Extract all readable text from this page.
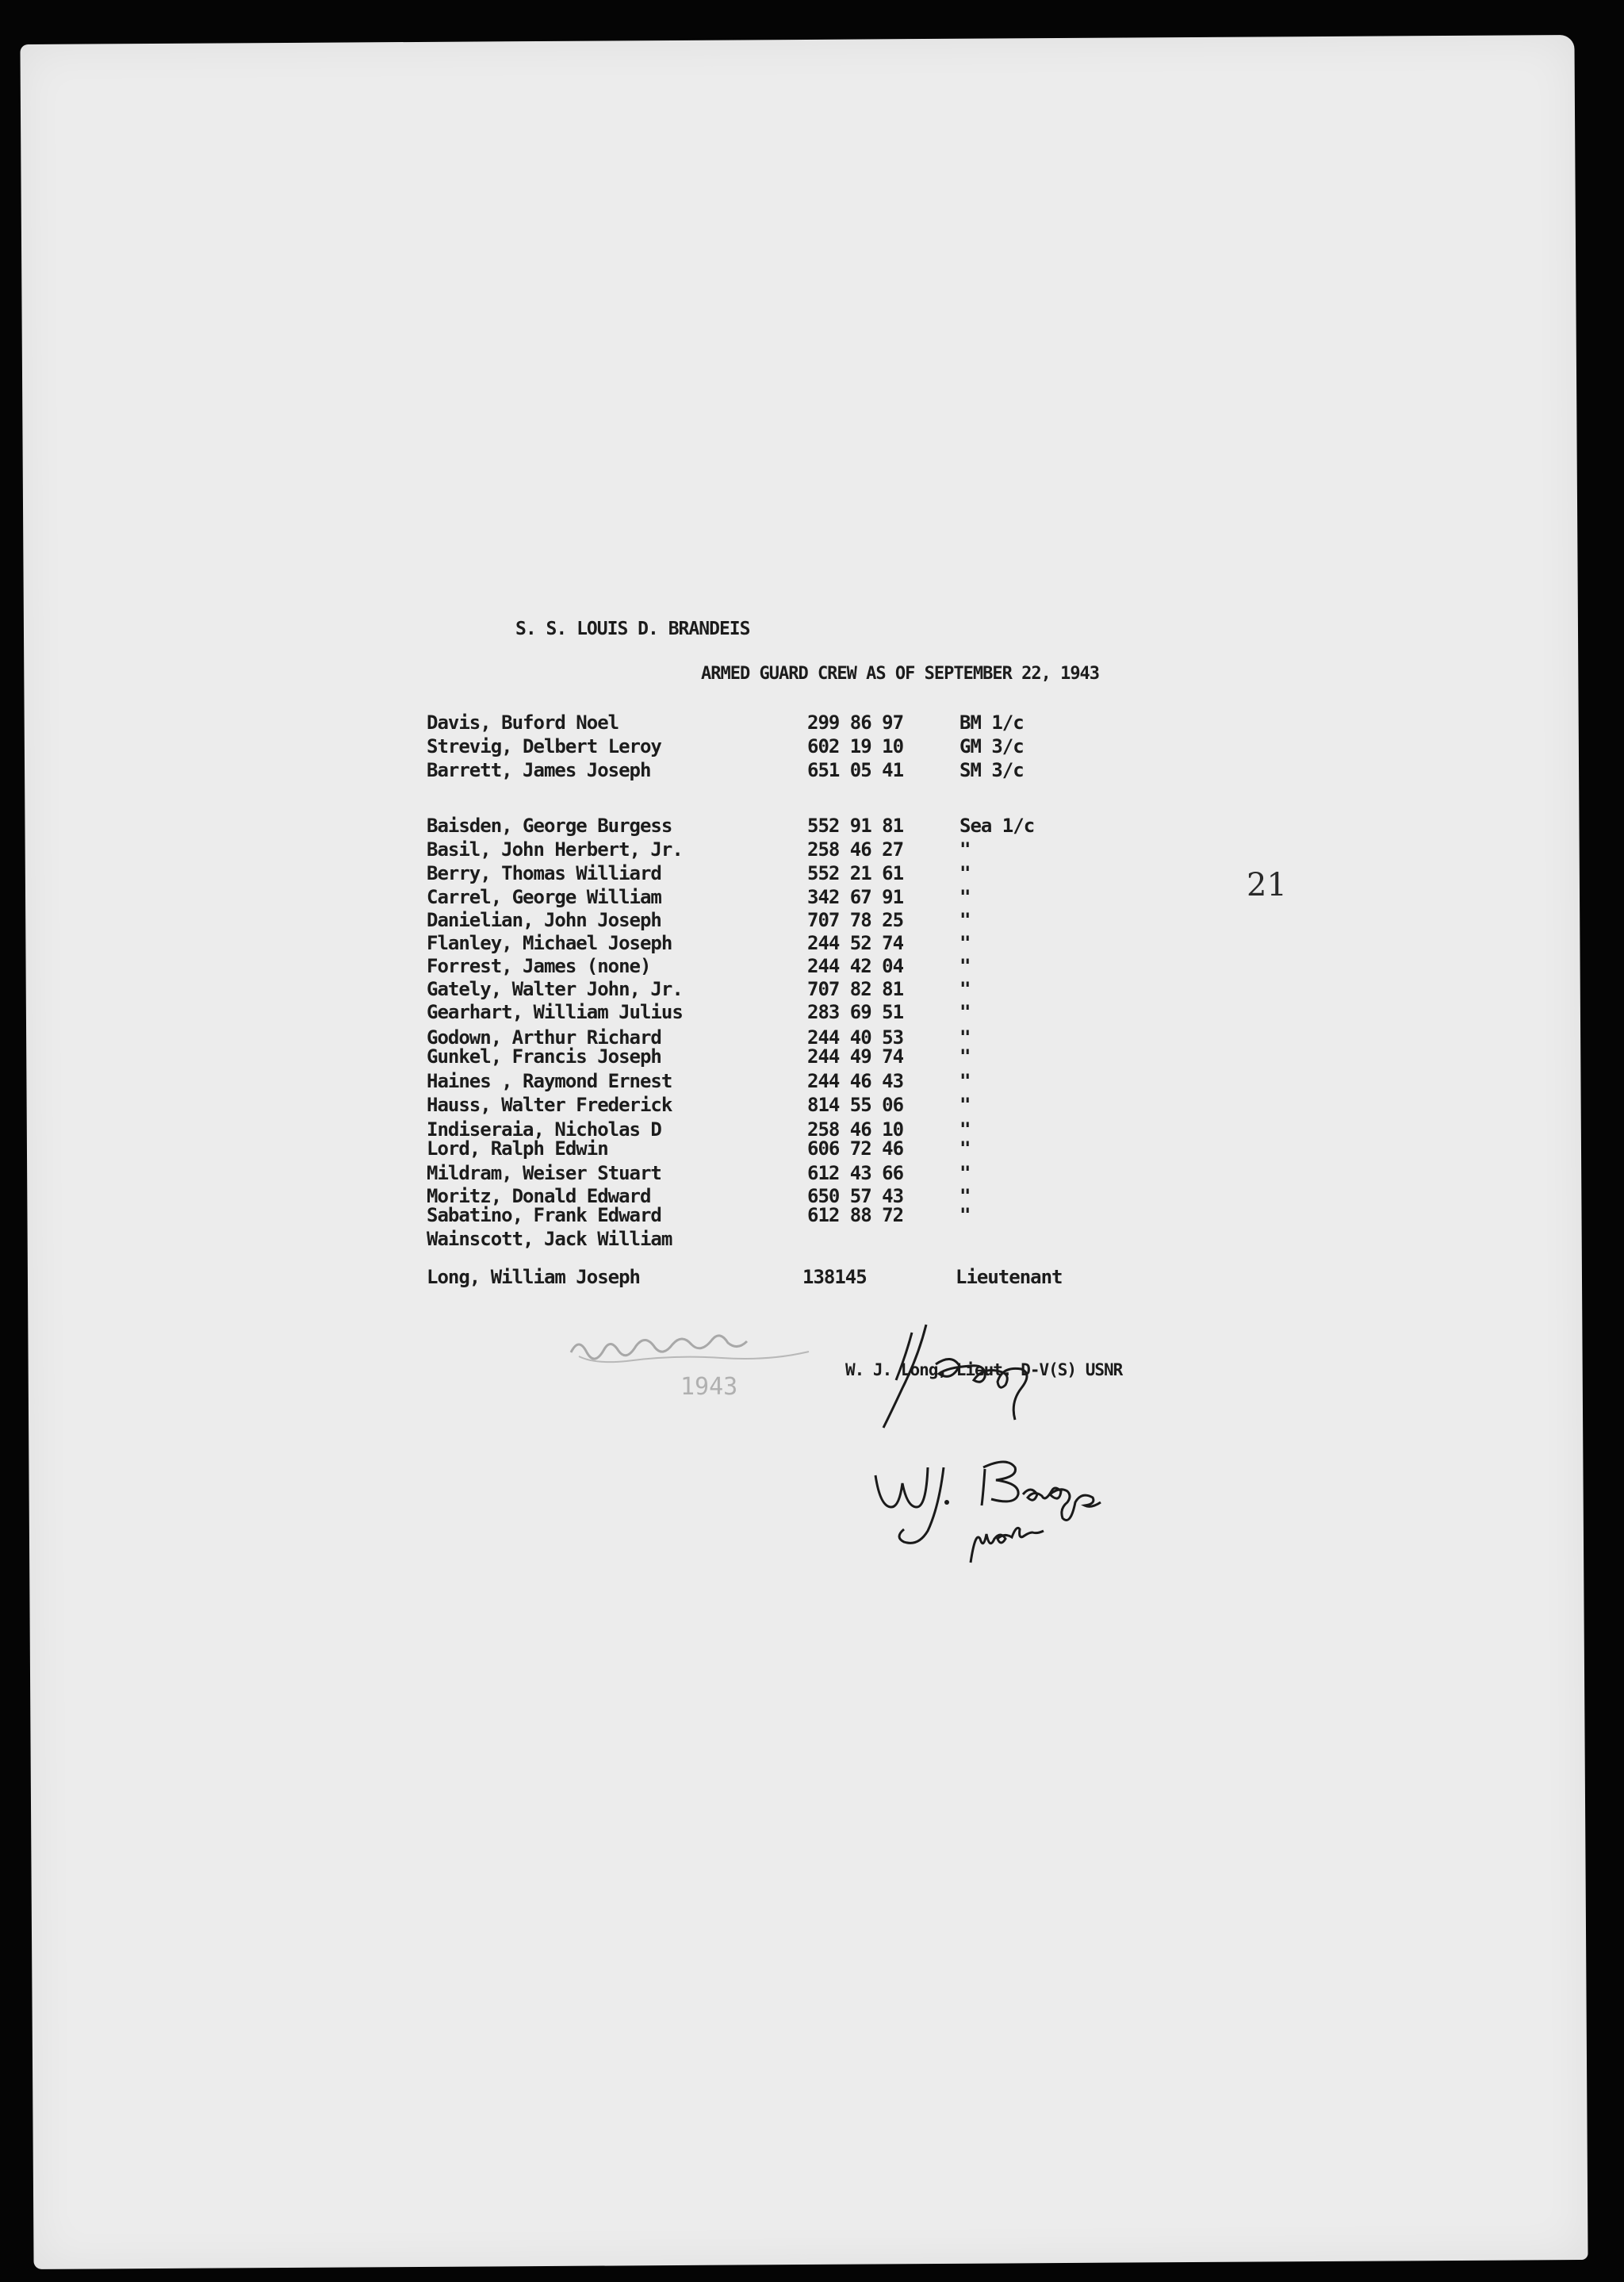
S. S. LOUIS D. BRANDEIS
ARMED GUARD CREW AS OF SEPTEMBER 22, 1943
Davis, Buford Noel	299 86 97	BM 1/c
Strevig, Delbert Leroy	602 19 10	GM 3/c
Barrett, James Joseph	651 05 41	SM 3/c
Baisden, George Burgess	552 91 81	Sea 1/c
Basil, John Herbert, Jr.	258 46 27	"
Berry, Thomas Williard	552 21 61	"
Carrel, George William	342 67 91	"
Danielian, John Joseph	707 78 25	"
Flanley, Michael Joseph	244 52 74	"
Forrest, James (none)	244 42 04	"
Gately, Walter John, Jr.	707 82 81	"
Gearhart, William Julius	283 69 51	"
Godown, Arthur Richard	244 40 53	"
Gunkel, Francis Joseph	244 49 74	"
Haines , Raymond Ernest	244 46 43	"
Hauss, Walter Frederick	814 55 06	"
Indiseraia, Nicholas D	258 46 10	"
Lord, Ralph Edwin	606 72 46	"
Mildram, Weiser Stuart	612 43 66	"
Moritz, Donald Edward	650 57 43	"
Sabatino, Frank Edward	612 88 72	"
Wainscott, Jack William
Long, William Joseph	138145	Lieutenant
21
W. J. Long, Lieut. D-V(S) USNR
1943
